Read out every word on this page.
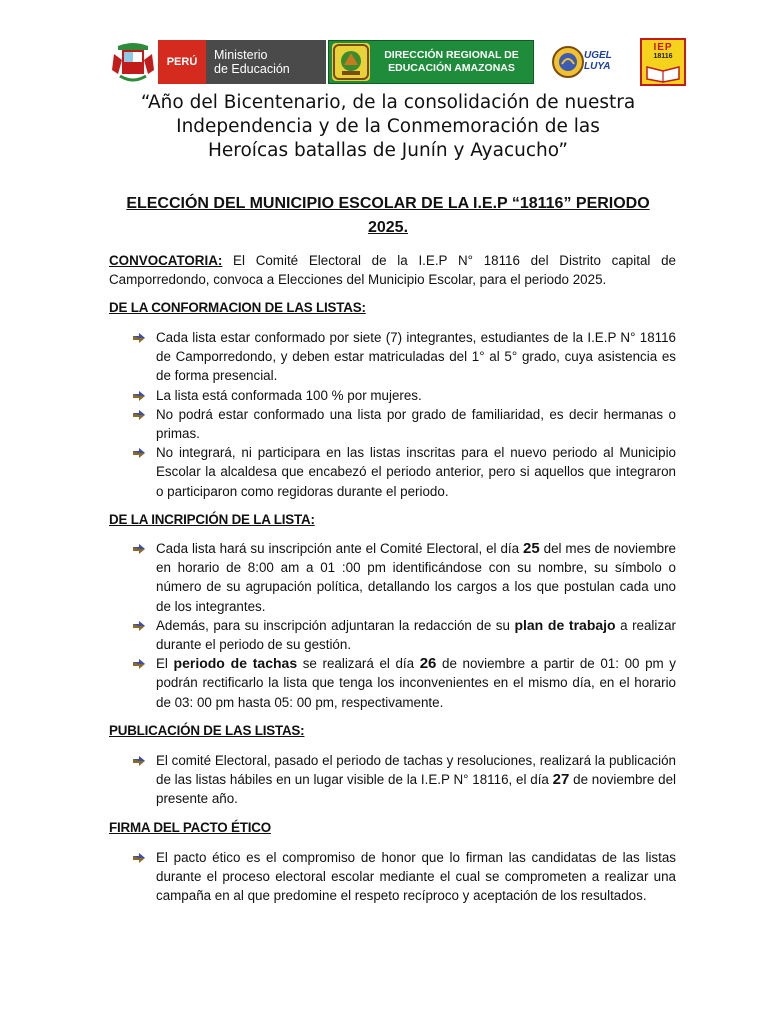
PERÚ	Ministerio
de Educación
DIRECCIÓN REGIONAL DE
EDUCACIÓN AMAZONAS
UGEL LUYA
IEP
18116
“Año del Bicentenario, de la consolidación de nuestra
Independencia y de la Conmemoración de las
Heroícas batallas de Junín y Ayacucho”
ELECCIÓN DEL MUNICIPIO ESCOLAR DE LA I.E.P “18116” PERIODO
2025.
CONVOCATORIA: El Comité Electoral de la I.E.P N° 18116 del Distrito capital de Camporredondo, convoca a Elecciones del Municipio Escolar, para el periodo 2025.
DE LA CONFORMACION DE LAS LISTAS:
Cada lista estar conformado por siete (7) integrantes, estudiantes de la I.E.P N° 18116 de Camporredondo, y deben estar matriculadas del 1° al 5° grado, cuya asistencia es de forma presencial.
La lista está conformada 100 % por mujeres.
No podrá estar conformado una lista por grado de familiaridad, es decir hermanas o primas.
No integrará, ni participara en las listas inscritas para el nuevo periodo al Municipio Escolar la alcaldesa que encabezó el periodo anterior, pero si aquellos que integraron o participaron como regidoras durante el periodo.
DE LA INCRIPCIÓN DE LA LISTA:
Cada lista hará su inscripción ante el Comité Electoral, el día 25 del mes de noviembre en horario de 8:00 am a 01 :00 pm identificándose con su nombre, su símbolo o número de su agrupación política, detallando los cargos a los que postulan cada uno de los integrantes.
Además, para su inscripción adjuntaran la redacción de su plan de trabajo a realizar durante el periodo de su gestión.
El periodo de tachas se realizará el día 26 de noviembre a partir de 01: 00 pm y podrán rectificarlo la lista que tenga los inconvenientes en el mismo día, en el horario de 03: 00 pm hasta 05: 00 pm, respectivamente.
PUBLICACIÓN DE LAS LISTAS:
El comité Electoral, pasado el periodo de tachas y resoluciones, realizará la publicación de las listas hábiles en un lugar visible de la I.E.P N° 18116, el día 27 de noviembre del presente año.
FIRMA DEL PACTO ÉTICO
El pacto ético es el compromiso de honor que lo firman las candidatas de las listas durante el proceso electoral escolar mediante el cual se comprometen a realizar una campaña en al que predomine el respeto recíproco y aceptación de los resultados.
